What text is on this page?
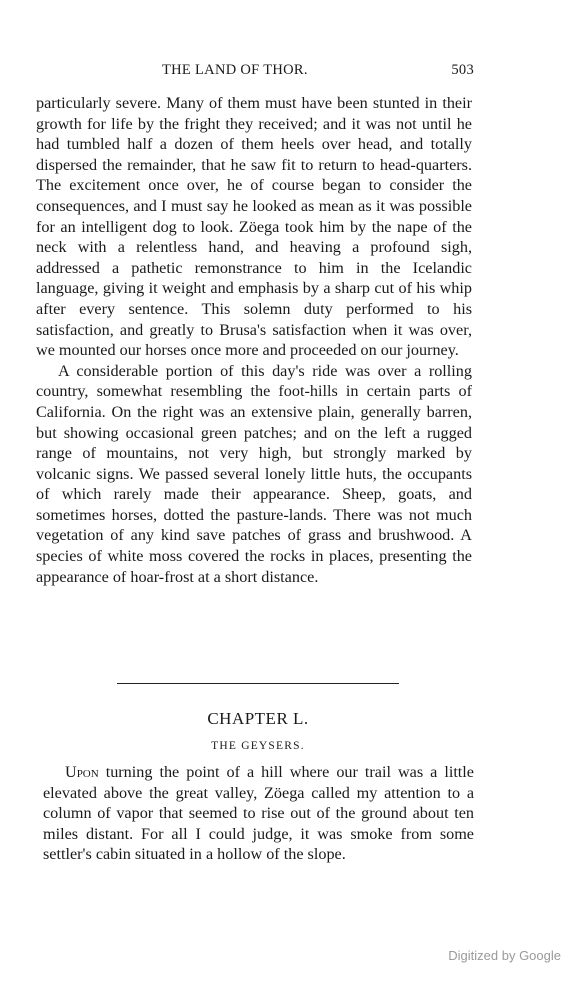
THE LAND OF THOR.	503

particularly severe. Many of them must have been stunted in their growth for life by the fright they received; and it was not until he had tumbled half a dozen of them heels over head, and totally dispersed the remainder, that he saw fit to return to head-quarters. The excitement once over, he of course began to consider the consequences, and I must say he looked as mean as it was possible for an intelligent dog to look. Zöega took him by the nape of the neck with a relentless hand, and heaving a profound sigh, addressed a pathetic remonstrance to him in the Icelandic language, giving it weight and emphasis by a sharp cut of his whip after every sentence. This solemn duty performed to his satisfaction, and greatly to Brusa's satisfaction when it was over, we mounted our horses once more and proceeded on our journey.

A considerable portion of this day's ride was over a rolling country, somewhat resembling the foot-hills in certain parts of California. On the right was an extensive plain, generally barren, but showing occasional green patches; and on the left a rugged range of mountains, not very high, but strongly marked by volcanic signs. We passed several lonely little huts, the occupants of which rarely made their appearance. Sheep, goats, and sometimes horses, dotted the pasture-lands. There was not much vegetation of any kind save patches of grass and brushwood. A species of white moss covered the rocks in places, presenting the appearance of hoar-frost at a short distance.

CHAPTER L.
THE GEYSERS.

Upon turning the point of a hill where our trail was a little elevated above the great valley, Zöega called my attention to a column of vapor that seemed to rise out of the ground about ten miles distant. For all I could judge, it was smoke from some settler's cabin situated in a hollow of the slope.

Digitized by Google
